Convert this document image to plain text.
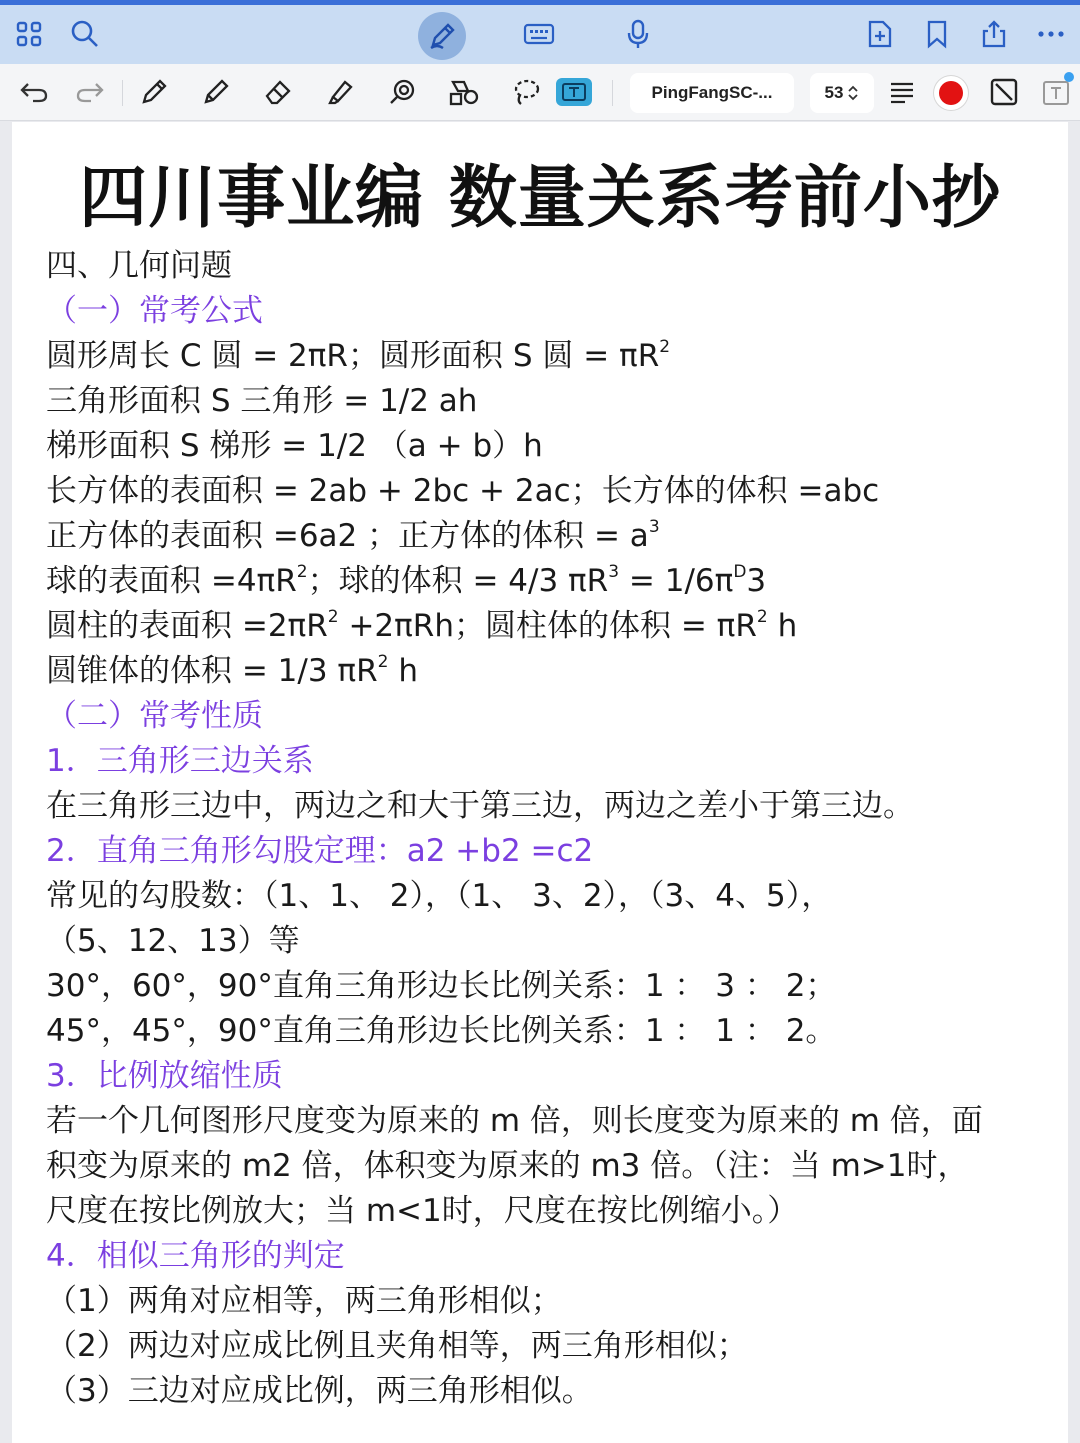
PingFangSC-...	53
四川事业编 数量关系考前小抄
四、几何问题
（一）常考公式
圆形周长 C 圆 = 2πR；圆形面积 S 圆 = $\pi R^2$
三角形面积 S 三角形 = 1/2 ah
梯形面积 S 梯形 = 1/2 （a + b）h
长方体的表面积 = 2ab + 2bc + 2ac；长方体的体积 =abc
正方体的表面积 =6a2 ；正方体的体积 = $a^3$
球的表面积 $=4\pi R^2$；球的体积 = 4/3 $\pi R^3 = 1/6\pi^D3$
圆柱的表面积 $=2\pi R^2 +2\pi Rh$；圆柱体的体积 = $\pi R^2$ h
圆锥体的体积 = 1/3 $\pi R^2$ h
（二）常考性质
1．三角形三边关系
在三角形三边中，两边之和大于第三边，两边之差小于第三边。
2．直角三角形勾股定理：a2 +b2 =c2
常见的勾股数：（1、1、 2），（1、 3、2），（3、4、5），
（5、12、13）等
30°，60°，90°直角三角形边长比例关系：1 ： 3 ： 2；
45°，45°，90°直角三角形边长比例关系：1 ： 1 ： 2。
3．比例放缩性质
若一个几何图形尺度变为原来的 m 倍，则长度变为原来的 m 倍，面
积变为原来的 m2 倍，体积变为原来的 m3 倍。（注：当 m>1时，
尺度在按比例放大；当 m<1时，尺度在按比例缩小。）
4．相似三角形的判定
（1）两角对应相等，两三角形相似；
（2）两边对应成比例且夹角相等，两三角形相似；
（3）三边对应成比例，两三角形相似。
